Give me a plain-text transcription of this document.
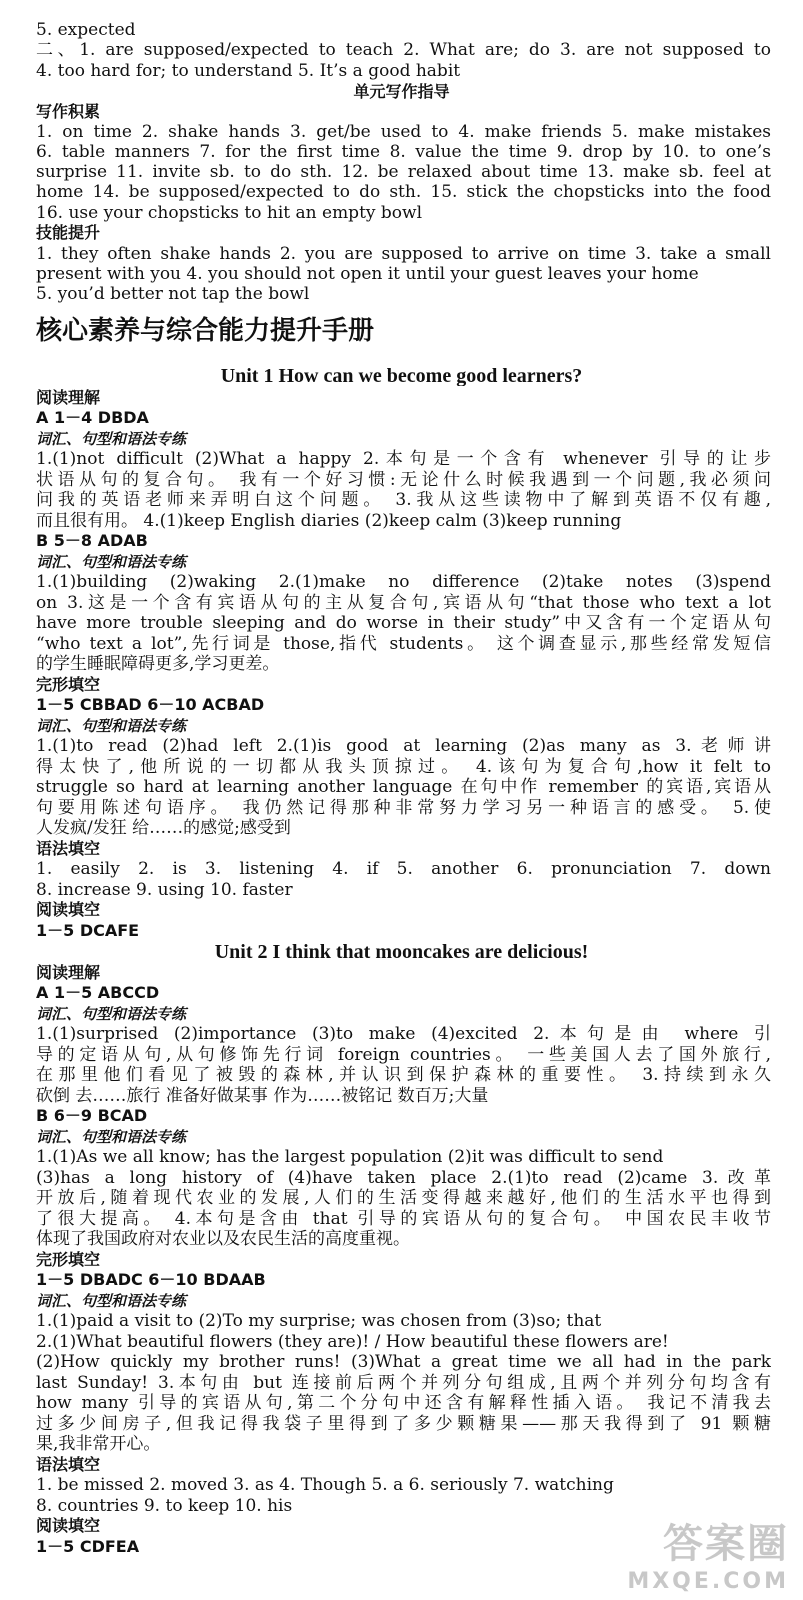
5. expected
二、1. are supposed/expected to teach 2. What are; do 3. are not supposed to
4. too hard for; to understand 5. It’s a good habit
单元写作指导
写作积累
1. on time 2. shake hands 3. get/be used to 4. make friends 5. make mistakes
6. table manners 7. for the first time 8. value the time 9. drop by 10. to one’s
surprise 11. invite sb. to do sth. 12. be relaxed about time 13. make sb. feel at
home 14. be supposed/expected to do sth. 15. stick the chopsticks into the food
16. use your chopsticks to hit an empty bowl
技能提升
1. they often shake hands 2. you are supposed to arrive on time 3. take a small
present with you 4. you should not open it until your guest leaves your home
5. you’d better not tap the bowl
核心素养与综合能力提升手册
Unit 1 How can we become good learners?
阅读理解
A 1－4 DBDA
词汇、句型和语法专练
1.(1)not difficult (2)What a happy 2.本句是一个含有 whenever 引导的让步
状语从句的复合句。 我有一个好习惯:无论什么时候我遇到一个问题,我必须问
问我的英语老师来弄明白这个问题。 3.我从这些读物中了解到英语不仅有趣,
而且很有用。 4.(1)keep English diaries (2)keep calm (3)keep running
B 5－8 ADAB
词汇、句型和语法专练
1.(1)building (2)waking 2.(1)make no difference (2)take notes (3)spend
on 3.这是一个含有宾语从句的主从复合句,宾语从句“that those who text a lot
have more trouble sleeping and do worse in their study”中又含有一个定语从句
“who text a lot”,先行词是 those,指代 students。 这个调查显示,那些经常发短信
的学生睡眠障碍更多,学习更差。
完形填空
1－5 CBBAD 6－10 ACBAD
词汇、句型和语法专练
1.(1)to read (2)had left 2.(1)is good at learning (2)as many as 3.老师讲
得太快了,他所说的一切都从我头顶掠过。 4.该句为复合句,how it felt to
struggle so hard at learning another language 在句中作 remember 的宾语,宾语从
句要用陈述句语序。 我仍然记得那种非常努力学习另一种语言的感受。 5.使
人发疯/发狂 给……的感觉;感受到
语法填空
1. easily 2. is 3. listening 4. if 5. another 6. pronunciation 7. down
8. increase 9. using 10. faster
阅读填空
1－5 DCAFE
Unit 2 I think that mooncakes are delicious!
阅读理解
A 1－5 ABCCD
词汇、句型和语法专练
1.(1)surprised (2)importance (3)to make (4)excited 2.本句是由 where 引
导的定语从句,从句修饰先行词 foreign countries。 一些美国人去了国外旅行,
在那里他们看见了被毁的森林,并认识到保护森林的重要性。 3.持续到永久
砍倒 去……旅行 准备好做某事 作为……被铭记 数百万;大量
B 6－9 BCAD
词汇、句型和语法专练
1.(1)As we all know; has the largest population (2)it was difficult to send
(3)has a long history of (4)have taken place 2.(1)to read (2)came 3.改革
开放后,随着现代农业的发展,人们的生活变得越来越好,他们的生活水平也得到
了很大提高。 4.本句是含由 that 引导的宾语从句的复合句。 中国农民丰收节
体现了我国政府对农业以及农民生活的高度重视。
完形填空
1－5 DBADC 6－10 BDAAB
词汇、句型和语法专练
1.(1)paid a visit to (2)To my surprise; was chosen from (3)so; that
2.(1)What beautiful flowers (they are)! / How beautiful these flowers are!
(2)How quickly my brother runs! (3)What a great time we all had in the park
last Sunday! 3.本句由 but 连接前后两个并列分句组成,且两个并列分句均含有
how many 引导的宾语从句,第二个分句中还含有解释性插入语。 我记不清我去
过多少间房子,但我记得我袋子里得到了多少颗糖果——那天我得到了 91 颗糖
果,我非常开心。
语法填空
1. be missed 2. moved 3. as 4. Though 5. a 6. seriously 7. watching
8. countries 9. to keep 10. his
阅读填空
1－5 CDFEA	答案圈
MXQE.COM
